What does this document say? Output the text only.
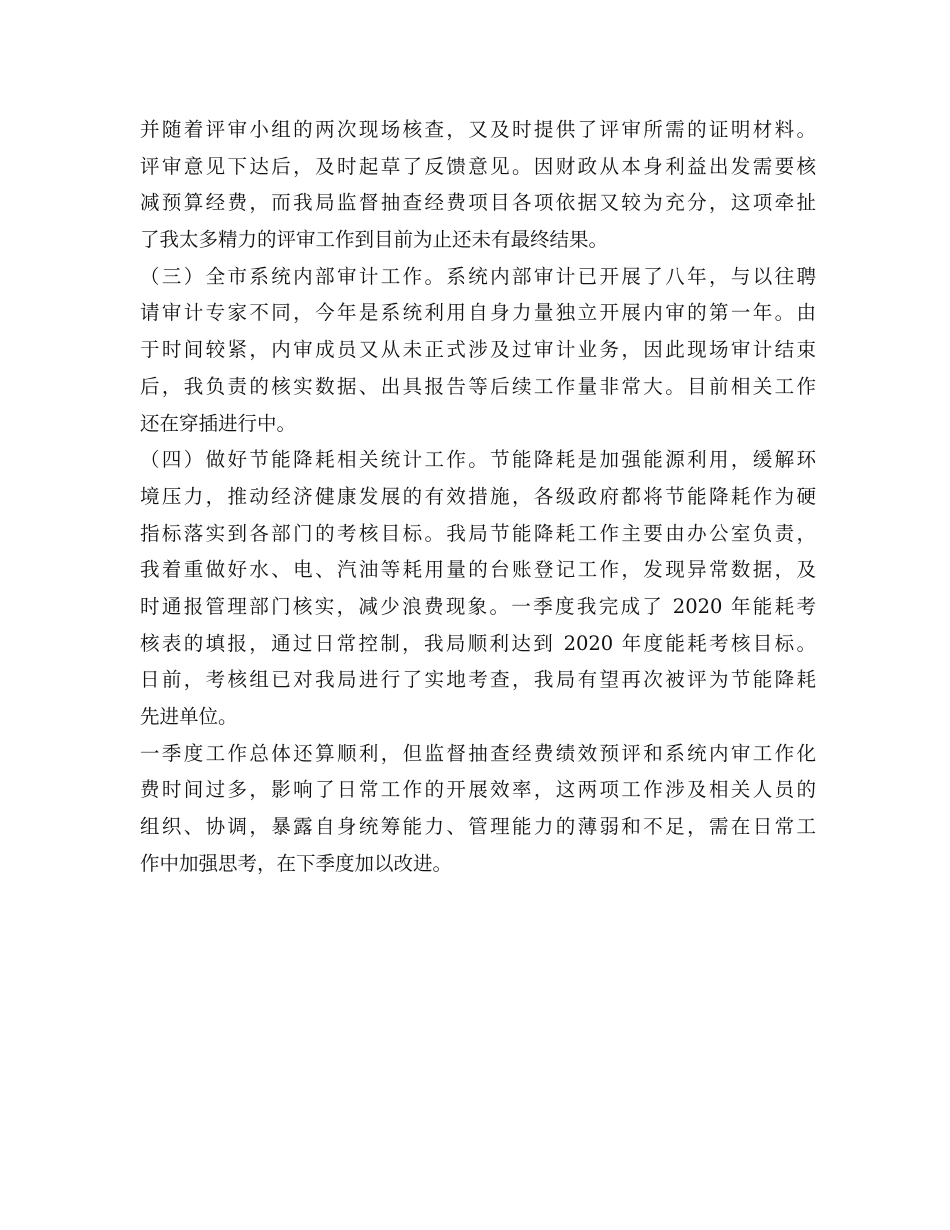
并随着评审小组的两次现场核查，又及时提供了评审所需的证明材料。
评审意见下达后，及时起草了反馈意见。因财政从本身利益出发需要核
减预算经费，而我局监督抽查经费项目各项依据又较为充分，这项牵扯
了我太多精力的评审工作到目前为止还未有最终结果。
（三）全市系统内部审计工作。系统内部审计已开展了八年，与以往聘
请审计专家不同，今年是系统利用自身力量独立开展内审的第一年。由
于时间较紧，内审成员又从未正式涉及过审计业务，因此现场审计结束
后，我负责的核实数据、出具报告等后续工作量非常大。目前相关工作
还在穿插进行中。
（四）做好节能降耗相关统计工作。节能降耗是加强能源利用，缓解环
境压力，推动经济健康发展的有效措施，各级政府都将节能降耗作为硬
指标落实到各部门的考核目标。我局节能降耗工作主要由办公室负责，
我着重做好水、电、汽油等耗用量的台账登记工作，发现异常数据，及
时通报管理部门核实，减少浪费现象。一季度我完成了 2020 年能耗考
核表的填报，通过日常控制，我局顺利达到 2020 年度能耗考核目标。
日前，考核组已对我局进行了实地考查，我局有望再次被评为节能降耗
先进单位。
一季度工作总体还算顺利，但监督抽查经费绩效预评和系统内审工作化
费时间过多，影响了日常工作的开展效率，这两项工作涉及相关人员的
组织、协调，暴露自身统筹能力、管理能力的薄弱和不足，需在日常工
作中加强思考，在下季度加以改进。
